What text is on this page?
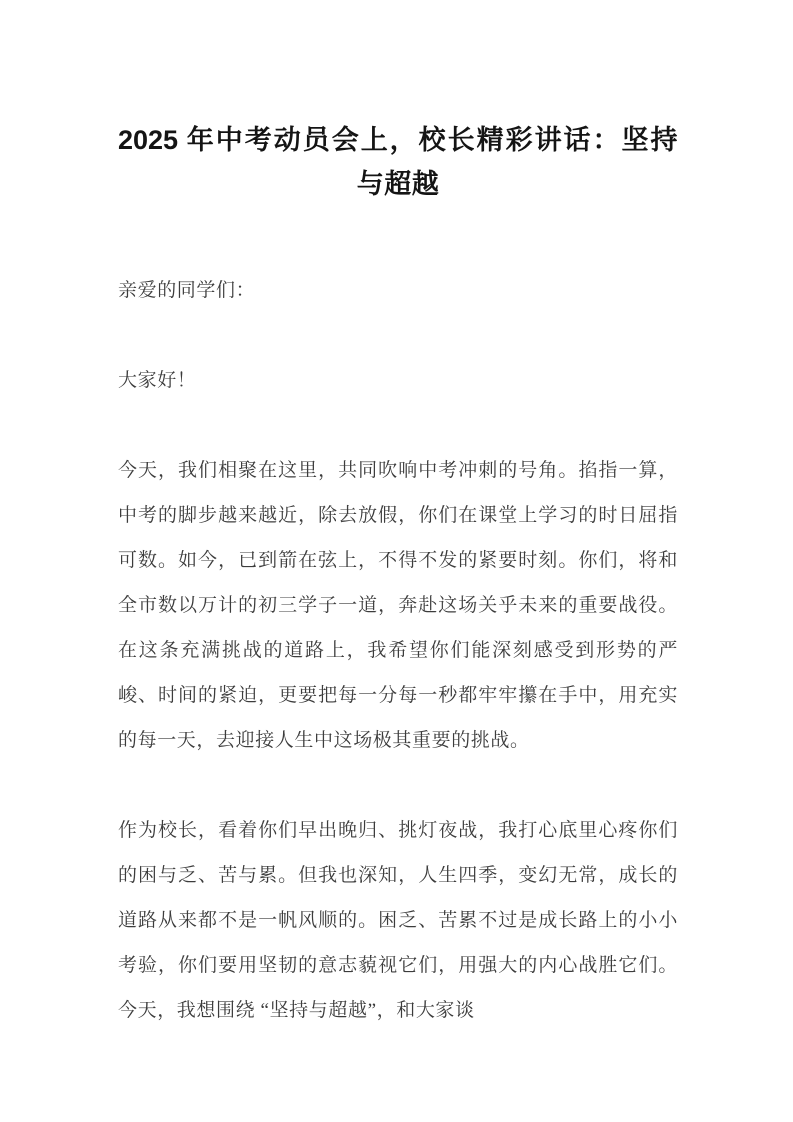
2025 年中考动员会上，校长精彩讲话：坚持与超越

亲爱的同学们：

大家好！

今天，我们相聚在这里，共同吹响中考冲刺的号角。掐指一算，中考的脚步越来越近，除去放假，你们在课堂上学习的时日屈指可数。如今，已到箭在弦上，不得不发的紧要时刻。你们，将和全市数以万计的初三学子一道，奔赴这场关乎未来的重要战役。在这条充满挑战的道路上，我希望你们能深刻感受到形势的严峻、时间的紧迫，更要把每一分每一秒都牢牢攥在手中，用充实的每一天，去迎接人生中这场极其重要的挑战。

作为校长，看着你们早出晚归、挑灯夜战，我打心底里心疼你们的困与乏、苦与累。但我也深知，人生四季，变幻无常，成长的道路从来都不是一帆风顺的。困乏、苦累不过是成长路上的小小考验，你们要用坚韧的意志藐视它们，用强大的内心战胜它们。今天，我想围绕 “坚持与超越”，和大家谈
